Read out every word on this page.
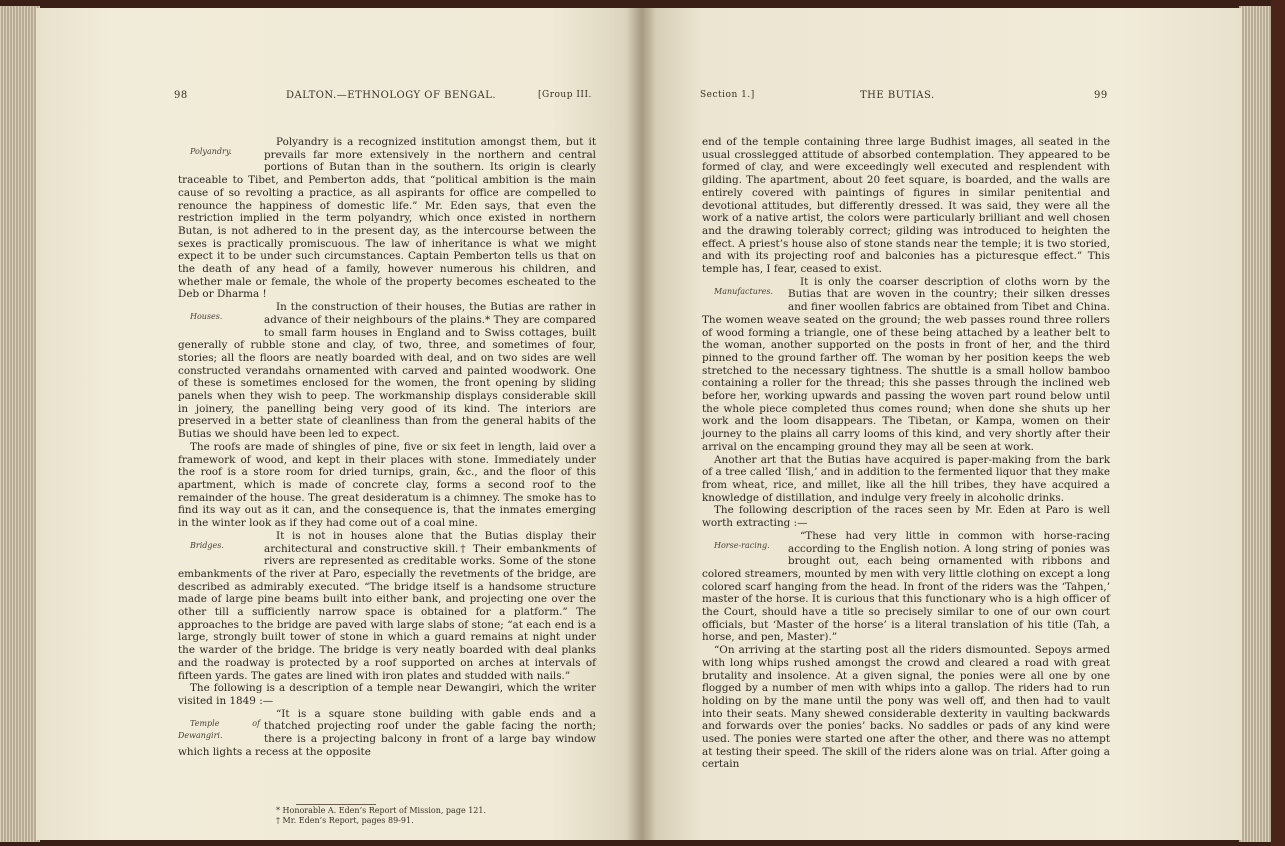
98	DALTON.—ETHNOLOGY OF BENGAL.	[Group III.

Polyandry.
Polyandry is a recognized institution amongst them, but it prevails far more extensively in the northern and central portions of Butan than in the southern. Its origin is clearly traceable to Tibet, and Pemberton adds, that “political ambition is the main cause of so revolting a practice, as all aspirants for office are compelled to renounce the happiness of domestic life.” Mr. Eden says, that even the restriction implied in the term polyandry, which once existed in northern Butan, is not adhered to in the present day, as the intercourse between the sexes is practically promiscuous. The law of inheritance is what we might expect it to be under such circumstances. Captain Pemberton tells us that on the death of any head of a family, however numerous his children, and whether male or female, the whole of the property becomes escheated to the Deb or Dharma !

Houses.
In the construction of their houses, the Butias are rather in advance of their neighbours of the plains.* They are compared to small farm houses in England and to Swiss cottages, built generally of rubble stone and clay, of two, three, and sometimes of four, stories; all the floors are neatly boarded with deal, and on two sides are well constructed verandahs ornamented with carved and painted woodwork. One of these is sometimes enclosed for the women, the front opening by sliding panels when they wish to peep. The workmanship displays considerable skill in joinery, the panelling being very good of its kind. The interiors are preserved in a better state of cleanliness than from the general habits of the Butias we should have been led to expect.

The roofs are made of shingles of pine, five or six feet in length, laid over a framework of wood, and kept in their places with stone. Immediately under the roof is a store room for dried turnips, grain, &c., and the floor of this apartment, which is made of concrete clay, forms a second roof to the remainder of the house. The great desideratum is a chimney. The smoke has to find its way out as it can, and the consequence is, that the inmates emerging in the winter look as if they had come out of a coal mine.

Bridges.
It is not in houses alone that the Butias display their architectural and constructive skill.† Their embankments of rivers are represented as creditable works. Some of the stone embankments of the river at Paro, especially the revetments of the bridge, are described as admirably executed. “The bridge itself is a handsome structure made of large pine beams built into either bank, and projecting one over the other till a sufficiently narrow space is obtained for a platform.” The approaches to the bridge are paved with large slabs of stone; “at each end is a large, strongly built tower of stone in which a guard remains at night under the warder of the bridge. The bridge is very neatly boarded with deal planks and the roadway is protected by a roof supported on arches at intervals of fifteen yards. The gates are lined with iron plates and studded with nails.”

The following is a description of a temple near Dewangiri, which the writer visited in 1849 :—

Temple of Dewangiri.
“It is a square stone building with gable ends and a thatched projecting roof under the gable facing the north; there is a projecting balcony in front of a large bay window which lights a recess at the opposite

* Honorable A. Eden’s Report of Mission, page 121.
† Mr. Eden’s Report, pages 89-91.
Section 1.]	THE BUTIAS.	99

end of the temple containing three large Budhist images, all seated in the usual crosslegged attitude of absorbed contemplation. They appeared to be formed of clay, and were exceedingly well executed and resplendent with gilding. The apartment, about 20 feet square, is boarded, and the walls are entirely covered with paintings of figures in similar penitential and devotional attitudes, but differently dressed. It was said, they were all the work of a native artist, the colors were particularly brilliant and well chosen and the drawing tolerably correct; gilding was introduced to heighten the effect. A priest’s house also of stone stands near the temple; it is two storied, and with its projecting roof and balconies has a picturesque effect.” This temple has, I fear, ceased to exist.

Manufactures.
It is only the coarser description of cloths worn by the Butias that are woven in the country; their silken dresses and finer woollen fabrics are obtained from Tibet and China. The women weave seated on the ground; the web passes round three rollers of wood forming a triangle, one of these being attached by a leather belt to the woman, another supported on the posts in front of her, and the third pinned to the ground farther off. The woman by her position keeps the web stretched to the necessary tightness. The shuttle is a small hollow bamboo containing a roller for the thread; this she passes through the inclined web before her, working upwards and passing the woven part round below until the whole piece completed thus comes round; when done she shuts up her work and the loom disappears. The Tibetan, or Kampa, women on their journey to the plains all carry looms of this kind, and very shortly after their arrival on the encamping ground they may all be seen at work.

Another art that the Butias have acquired is paper-making from the bark of a tree called ‘Ilish,’ and in addition to the fermented liquor that they make from wheat, rice, and millet, like all the hill tribes, they have acquired a knowledge of distillation, and indulge very freely in alcoholic drinks.

The following description of the races seen by Mr. Eden at Paro is well worth extracting :—

Horse-racing.
“These had very little in common with horse-racing according to the English notion. A long string of ponies was brought out, each being ornamented with ribbons and colored streamers, mounted by men with very little clothing on except a long colored scarf hanging from the head. In front of the riders was the ‘Tahpen,’ master of the horse. It is curious that this functionary who is a high officer of the Court, should have a title so precisely similar to one of our own court officials, but ‘Master of the horse’ is a literal translation of his title (Tah, a horse, and pen, Master).”

“On arriving at the starting post all the riders dismounted. Sepoys armed with long whips rushed amongst the crowd and cleared a road with great brutality and insolence. At a given signal, the ponies were all one by one flogged by a number of men with whips into a gallop. The riders had to run holding on by the mane until the pony was well off, and then had to vault into their seats. Many shewed considerable dexterity in vaulting backwards and forwards over the ponies’ backs. No saddles or pads of any kind were used. The ponies were started one after the other, and there was no attempt at testing their speed. The skill of the riders alone was on trial. After going a certain
